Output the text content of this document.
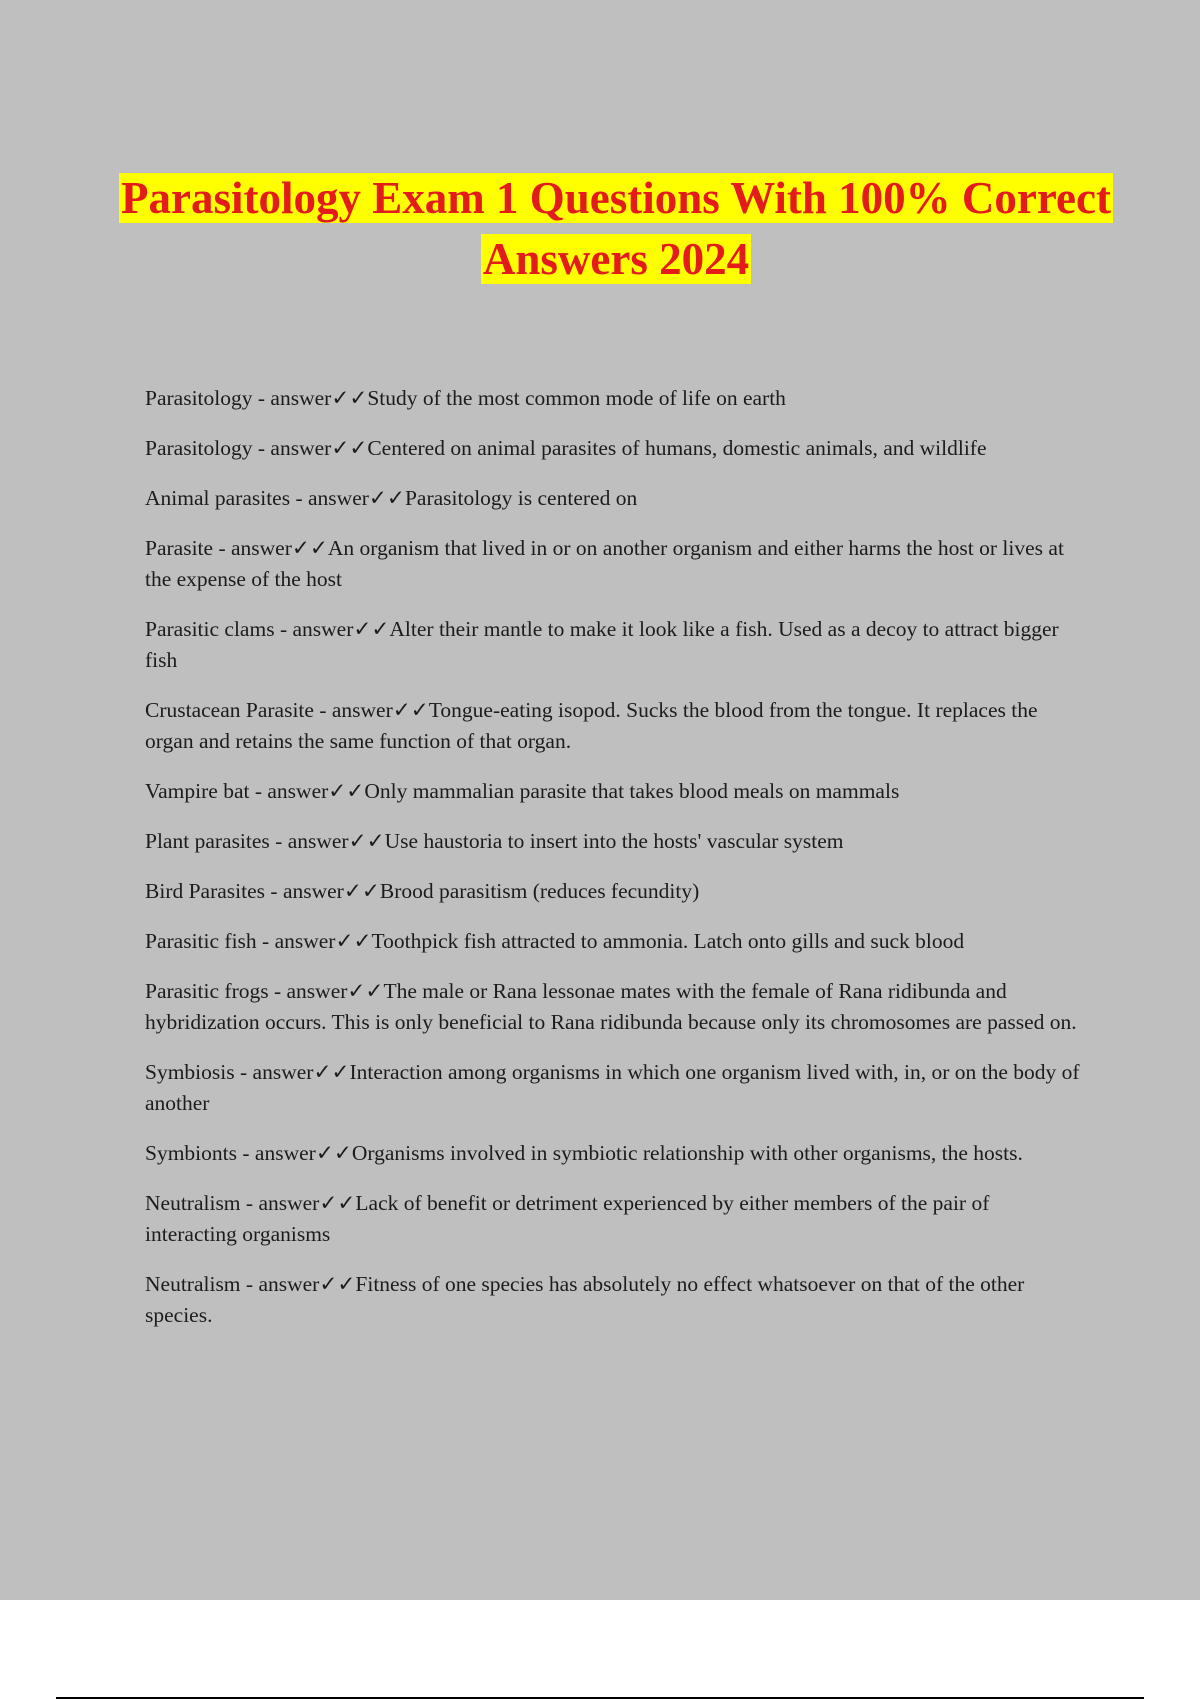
Parasitology Exam 1 Questions With 100% Correct Answers 2024
Parasitology - answer✓✓Study of the most common mode of life on earth
Parasitology - answer✓✓Centered on animal parasites of humans, domestic animals, and wildlife
Animal parasites - answer✓✓Parasitology is centered on
Parasite - answer✓✓An organism that lived in or on another organism and either harms the host or lives at the expense of the host
Parasitic clams - answer✓✓Alter their mantle to make it look like a fish. Used as a decoy to attract bigger fish
Crustacean Parasite - answer✓✓Tongue-eating isopod. Sucks the blood from the tongue. It replaces the organ and retains the same function of that organ.
Vampire bat - answer✓✓Only mammalian parasite that takes blood meals on mammals
Plant parasites - answer✓✓Use haustoria to insert into the hosts' vascular system
Bird Parasites - answer✓✓Brood parasitism (reduces fecundity)
Parasitic fish - answer✓✓Toothpick fish attracted to ammonia. Latch onto gills and suck blood
Parasitic frogs - answer✓✓The male or Rana lessonae mates with the female of Rana ridibunda and hybridization occurs. This is only beneficial to Rana ridibunda because only its chromosomes are passed on.
Symbiosis - answer✓✓Interaction among organisms in which one organism lived with, in, or on the body of another
Symbionts - answer✓✓Organisms involved in symbiotic relationship with other organisms, the hosts.
Neutralism - answer✓✓Lack of benefit or detriment experienced by either members of the pair of interacting organisms
Neutralism - answer✓✓Fitness of one species has absolutely no effect whatsoever on that of the other species.
